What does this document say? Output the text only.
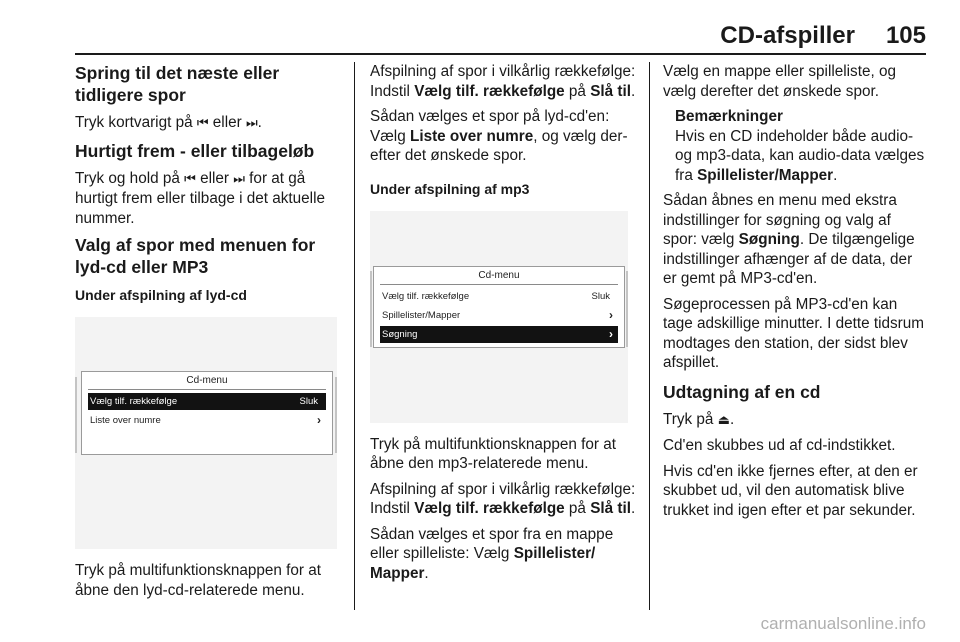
CD-afspiller 105
Spring til det næste eller tidligere spor

Tryk kortvarigt på ⏮ eller ⏭.

Hurtigt frem - eller tilbageløb

Tryk og hold på ⏮ eller ⏭ for at gå hurtigt frem eller tilbage i det aktuelle nummer.

Valg af spor med menuen for lyd-cd eller MP3
Under afspilning af lyd-cd
Cd-menu
Vælg tilf. rækkefølge	Sluk
Liste over numre	›

Tryk på multifunktionsknappen for at åbne den lyd-cd-relaterede menu.

Afspilning af spor i vilkårlig rækkefølge: Indstil Vælg tilf. rækkefølge på Slå til.

Sådan vælges et spor på lyd-cd'en: Vælg Liste over numre, og vælg derefter det ønskede spor.

Under afspilning af mp3
Cd-menu
Vælg tilf. rækkefølge	Sluk
Spillelister/Mapper	›
Søgning	›

Tryk på multifunktionsknappen for at åbne den mp3-relaterede menu.

Afspilning af spor i vilkårlig rækkefølge: Indstil Vælg tilf. rækkefølge på Slå til.

Sådan vælges et spor fra en mappe eller spilleliste: Vælg Spillelister/ Mapper.

Vælg en mappe eller spilleliste, og vælg derefter det ønskede spor.

Bemærkninger
Hvis en CD indeholder både audio- og mp3-data, kan audio-data vælges fra Spillelister/Mapper.

Sådan åbnes en menu med ekstra indstillinger for søgning og valg af spor: vælg Søgning. De tilgængelige indstillinger afhænger af de data, der er gemt på MP3-cd'en.

Søgeprocessen på MP3-cd'en kan tage adskillige minutter. I dette tidsrum modtages den station, der sidst blev afspillet.

Udtagning af en cd

Tryk på ⏏.

Cd'en skubbes ud af cd-indstikket.

Hvis cd'en ikke fjernes efter, at den er skubbet ud, vil den automatisk blive trukket ind igen efter et par sekunder.

carmanualsonline.info
